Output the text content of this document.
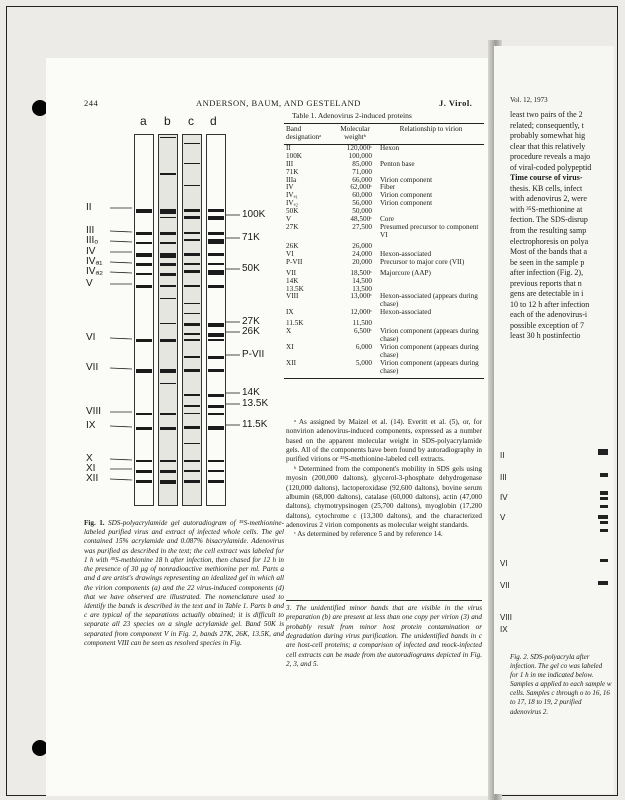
Vol. 12, 1973
least two pairs of the 2
related; consequently, t
probably somewhat hig
clear that this relatively
procedure reveals a majo
of viral-coded polypeptid
Time course of virus-
thesis. KB cells, infect
with adenovirus 2, were
with ³⁵S-methionine at
fection. The SDS-disrup
from the resulting samp
electrophoresis on polya
Most of the bands that a
be seen in the sample p
after infection (Fig. 2),
previous reports that n
gens are detectable in i
10 to 12 h after infection
each of the adenovirus-i
possible exception of 7
least 30 h postinfectio
II
III
IV
V
VI
VII
VIII
IX
Fig. 2. SDS-polyacryla after infection. The gel co was labeled for 1 h in me indicated below. Samples a applied to each sample w cells. Samples c through o to 16, 16 to 17, 18 to 19, 2 purified adenovirus 2.
244	ANDERSON, BAUM, AND GESTELAND	J. Virol.
a b c d
II
III
IIIₒ
IV
IVₐ₁
IVₐ₂
V
VI
VII
VIII
IX
X
XI
XII
100K
71K
50K
27K
26K
P-VII
14K
13.5K
11.5K
Fig. 1. SDS-polyacrylamide gel autoradiogram of ³⁵S-methionine-labeled purified virus and extract of infected whole cells. The gel contained 15% acrylamide and 0.087% bisacrylamide. Adenovirus was purified as described in the text; the cell extract was labeled for 1 h with ³⁵S-methionine 18 h after infection, then chased for 12 h in the presence of 30 μg of nonradioactive methionine per ml. Parts a and d are artist's drawings representing an idealized gel in which all the virion components (a) and the 22 virus-induced components (d) that we have observed are illustrated. The nomenclature used to identify the bands is described in the text and in Table 1. Parts b and c are typical of the separations actually obtained; it is difficult to separate all 23 species on a single acrylamide gel. Band 50K is separated from component V in Fig. 2, bands 27K, 26K, 13.5K, and component VIII can be seen as resolved species in Fig.
Table 1. Adenovirus 2-induced proteins
Band designationᵃ	Molecular weightᵇ	Relationship to virion
II	120,000ᶜ	Hexon
100K	100,000	
III	85,000	Penton base
71K	71,000	
IIIa	66,000	Virion component
IV	62,000ᶜ	Fiber
IVₐ₁	60,000	Virion component
IVₐ₂	56,000	Virion component
50K	50,000	
V	48,500ᶜ	Core
27K	27,500	Presumed precursor to component VI
26K	26,000	
VI	24,000	Hexon-associated
P-VII	20,000	Precursor to major core (VII)
VII	18,500ᶜ	Majorcore (AAP)
14K	14,500	
13.5K	13,500	
VIII	13,000ᶜ	Hexon-associated (appears during chase)
IX	12,000ᶜ	Hexon-associated
11.5K	11,500	
X	6,500ᶜ	Virion component (appears during chase)
XI	6,000	Virion component (appears during chase)
XII	5,000	Virion component (appears during chase)
ᵃ As assigned by Maizel et al. (14). Everitt et al. (5), or, for nonvirion adenovirus-induced components, expressed as a number based on the apparent molecular weight in SDS-polyacrylamide gels. All of the components have been found by autoradiography in purified virions or ³⁵S-methionine-labeled cell extracts.
ᵇ Determined from the component's mobility in SDS gels using myosin (200,000 daltons), glycerol-3-phosphate dehydrogenase (120,000 daltons), lactoperoxidase (92,600 daltons), bovine serum albumin (68,000 daltons), catalase (60,000 daltons), actin (47,000 daltons), chymotrypsinogen (25,700 daltons), myoglobin (17,200 daltons), cytochrome c (13,300 daltons), and the characterized adenovirus 2 virion components as molecular weight standards.
ᶜ As determined by reference 5 and by reference 14.
3. The unidentified minor bands that are visible in the virus preparation (b) are present at less than one copy per virion (3) and probably result from minor host protein contamination or degradation during virus purification. The unidentified bands in c are host-cell proteins; a comparison of infected and mock-infected cell extracts can be made from the autoradiograms depicted in Fig. 2, 3, and 5.
